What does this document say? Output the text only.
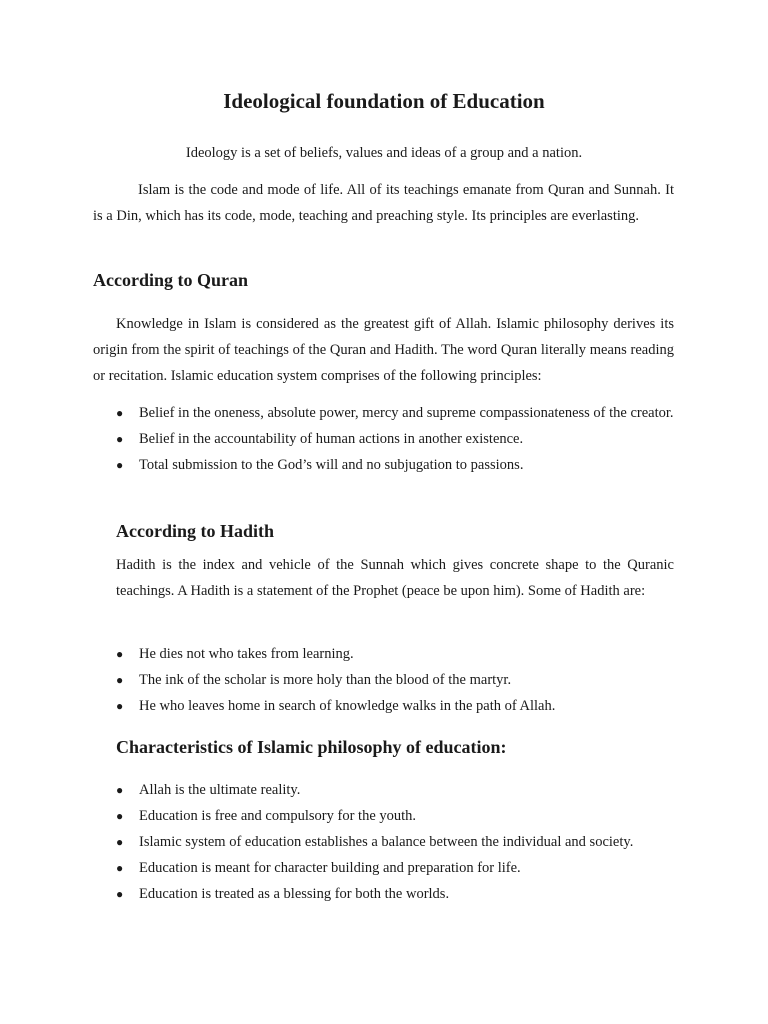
Ideological foundation of Education

Ideology is a set of beliefs, values and ideas of a group and a nation.

Islam is the code and mode of life. All of its teachings emanate from Quran and Sunnah. It is a Din, which has its code, mode, teaching and preaching style. Its principles are everlasting.

According to Quran

Knowledge in Islam is considered as the greatest gift of Allah. Islamic philosophy derives its origin from the spirit of teachings of the Quran and Hadith. The word Quran literally means reading or recitation. Islamic education system comprises of the following principles:

● Belief in the oneness, absolute power, mercy and supreme compassionateness of the creator.
● Belief in the accountability of human actions in another existence.
● Total submission to the God’s will and no subjugation to passions.
According to Hadith

Hadith is the index and vehicle of the Sunnah which gives concrete shape to the Quranic teachings. A Hadith is a statement of the Prophet (peace be upon him). Some of Hadith are:

● He dies not who takes from learning.
● The ink of the scholar is more holy than the blood of the martyr.
● He who leaves home in search of knowledge walks in the path of Allah.
Characteristics of Islamic philosophy of education:
● Allah is the ultimate reality.
● Education is free and compulsory for the youth.
● Islamic system of education establishes a balance between the individual and society.
● Education is meant for character building and preparation for life.
● Education is treated as a blessing for both the worlds.
